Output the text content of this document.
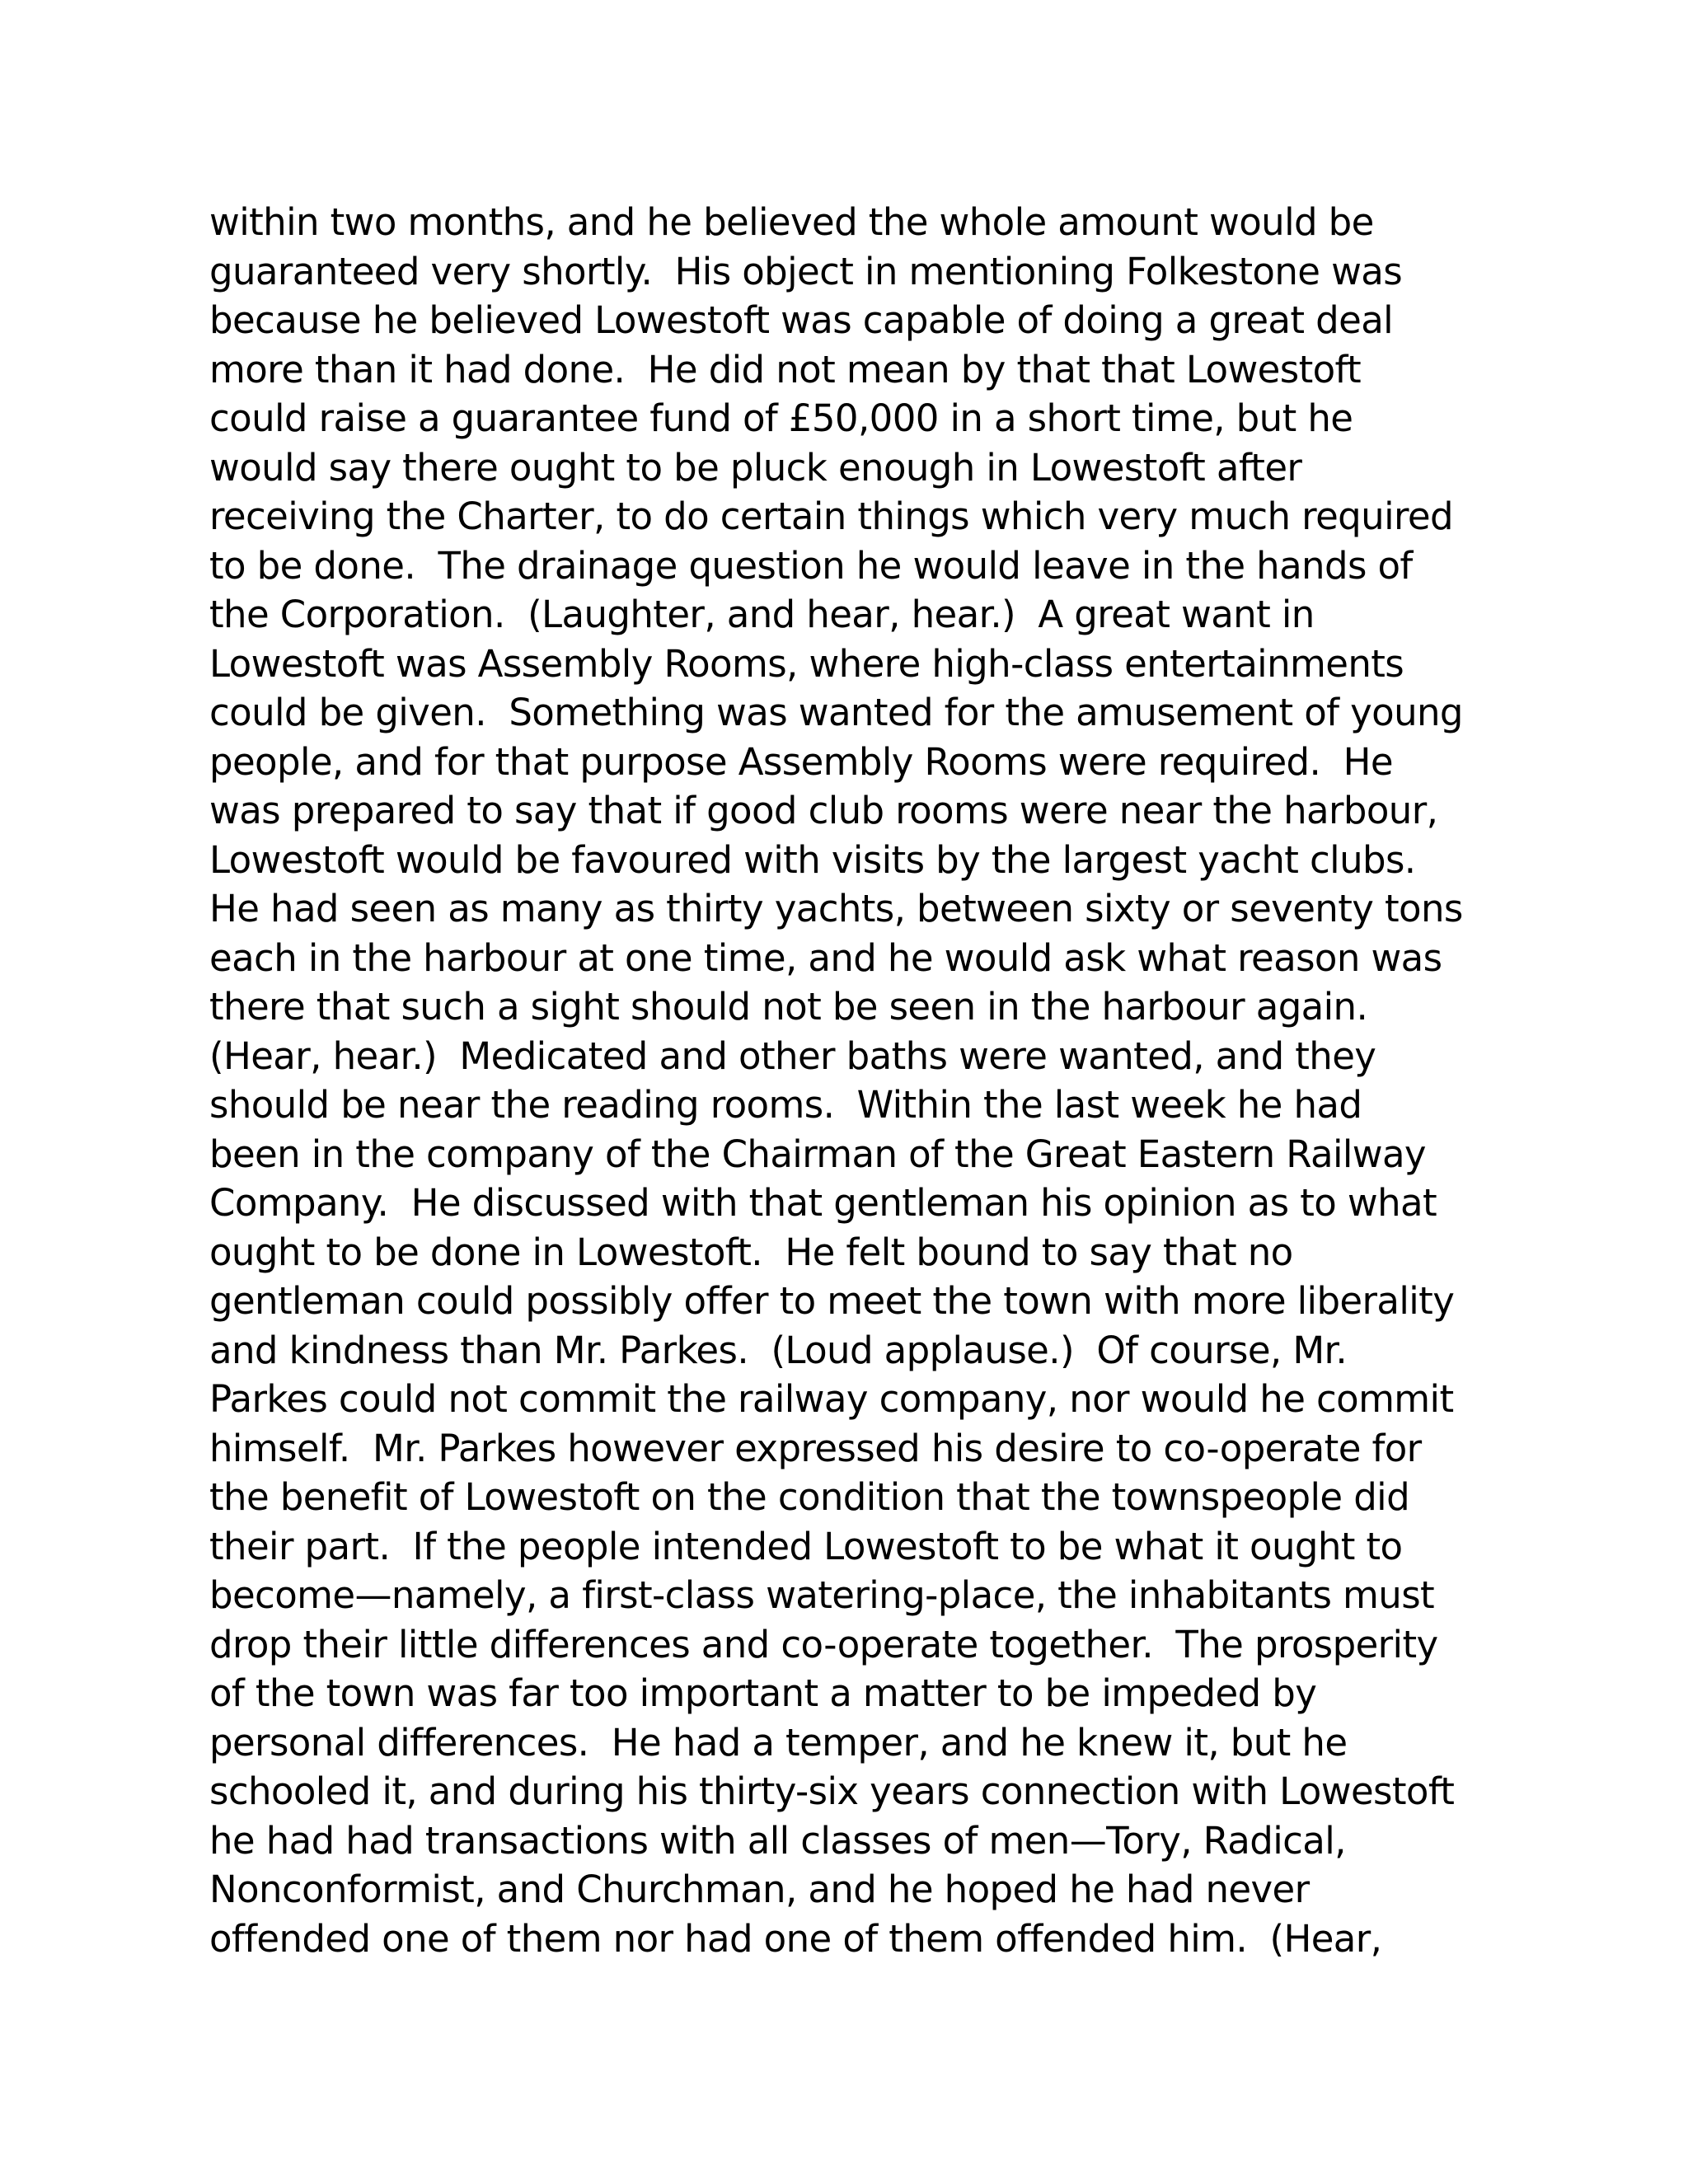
within two months, and he believed the whole amount would be
guaranteed very shortly.  His object in mentioning Folkestone was
because he believed Lowestoft was capable of doing a great deal
more than it had done.  He did not mean by that that Lowestoft
could raise a guarantee fund of £50,000 in a short time, but he
would say there ought to be pluck enough in Lowestoft after
receiving the Charter, to do certain things which very much required
to be done.  The drainage question he would leave in the hands of
the Corporation.  (Laughter, and hear, hear.)  A great want in
Lowestoft was Assembly Rooms, where high-class entertainments
could be given.  Something was wanted for the amusement of young
people, and for that purpose Assembly Rooms were required.  He
was prepared to say that if good club rooms were near the harbour,
Lowestoft would be favoured with visits by the largest yacht clubs.
He had seen as many as thirty yachts, between sixty or seventy tons
each in the harbour at one time, and he would ask what reason was
there that such a sight should not be seen in the harbour again.
(Hear, hear.)  Medicated and other baths were wanted, and they
should be near the reading rooms.  Within the last week he had
been in the company of the Chairman of the Great Eastern Railway
Company.  He discussed with that gentleman his opinion as to what
ought to be done in Lowestoft.  He felt bound to say that no
gentleman could possibly offer to meet the town with more liberality
and kindness than Mr. Parkes.  (Loud applause.)  Of course, Mr.
Parkes could not commit the railway company, nor would he commit
himself.  Mr. Parkes however expressed his desire to co-operate for
the benefit of Lowestoft on the condition that the townspeople did
their part.  If the people intended Lowestoft to be what it ought to
become—namely, a first-class watering-place, the inhabitants must
drop their little differences and co-operate together.  The prosperity
of the town was far too important a matter to be impeded by
personal differences.  He had a temper, and he knew it, but he
schooled it, and during his thirty-six years connection with Lowestoft
he had had transactions with all classes of men—Tory, Radical,
Nonconformist, and Churchman, and he hoped he had never
offended one of them nor had one of them offended him.  (Hear,
